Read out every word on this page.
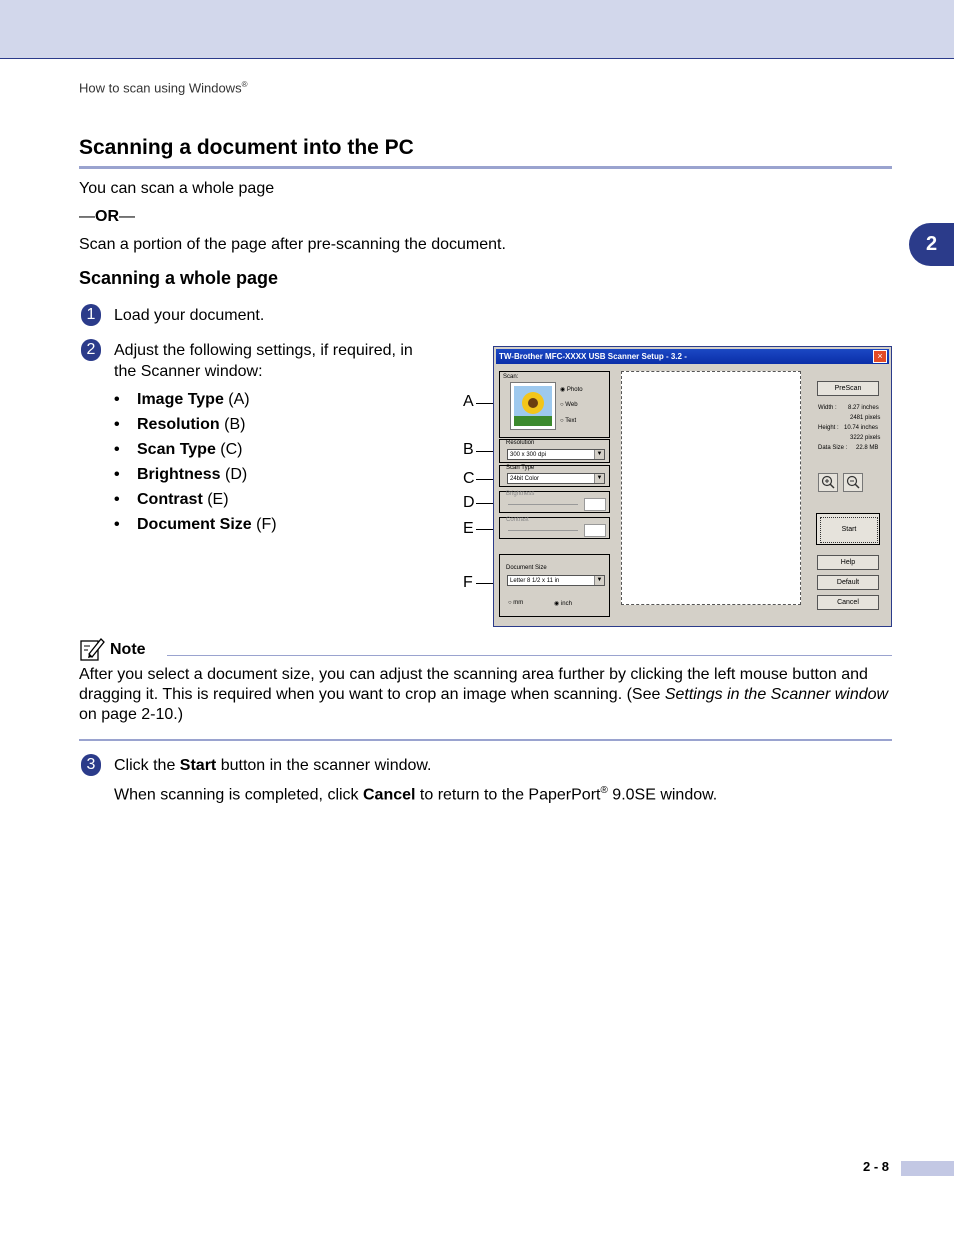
How to scan using Windows®
2
Scanning a document into the PC
You can scan a whole page
—OR—
Scan a portion of the page after pre-scanning the document.
Scanning a whole page
1	Load your document.
2	Adjust the following settings, if required, in
the Scanner window:
• Image Type (A)
• Resolution (B)
• Scan Type (C)
• Brightness (D)
• Contrast (E)
• Document Size (F)
A
B
C
D
E
F
TW-Brother MFC-XXXX USB Scanner Setup - 3.2 -	×
Scan:
◉ Photo
○ Web
○ Text
Resolution
300 x 300 dpi	▼
Scan Type
24bit Color	▼
Brightness
Contrast
Document Size
Letter 8 1/2 x 11 in	▼
○ mm	◉ inch
PreScan
Width : 8.27 inches
2481 pixels
Height : 10.74 inches
3222 pixels
Data Size : 22.8 MB
Start
Help
Default
Cancel
Note
After you select a document size, you can adjust the scanning area further by clicking the left mouse button and dragging it. This is required when you want to crop an image when scanning. (See Settings in the Scanner window on page 2-10.)
3	Click the Start button in the scanner window.
When scanning is completed, click Cancel to return to the PaperPort® 9.0SE window.
2 - 8
